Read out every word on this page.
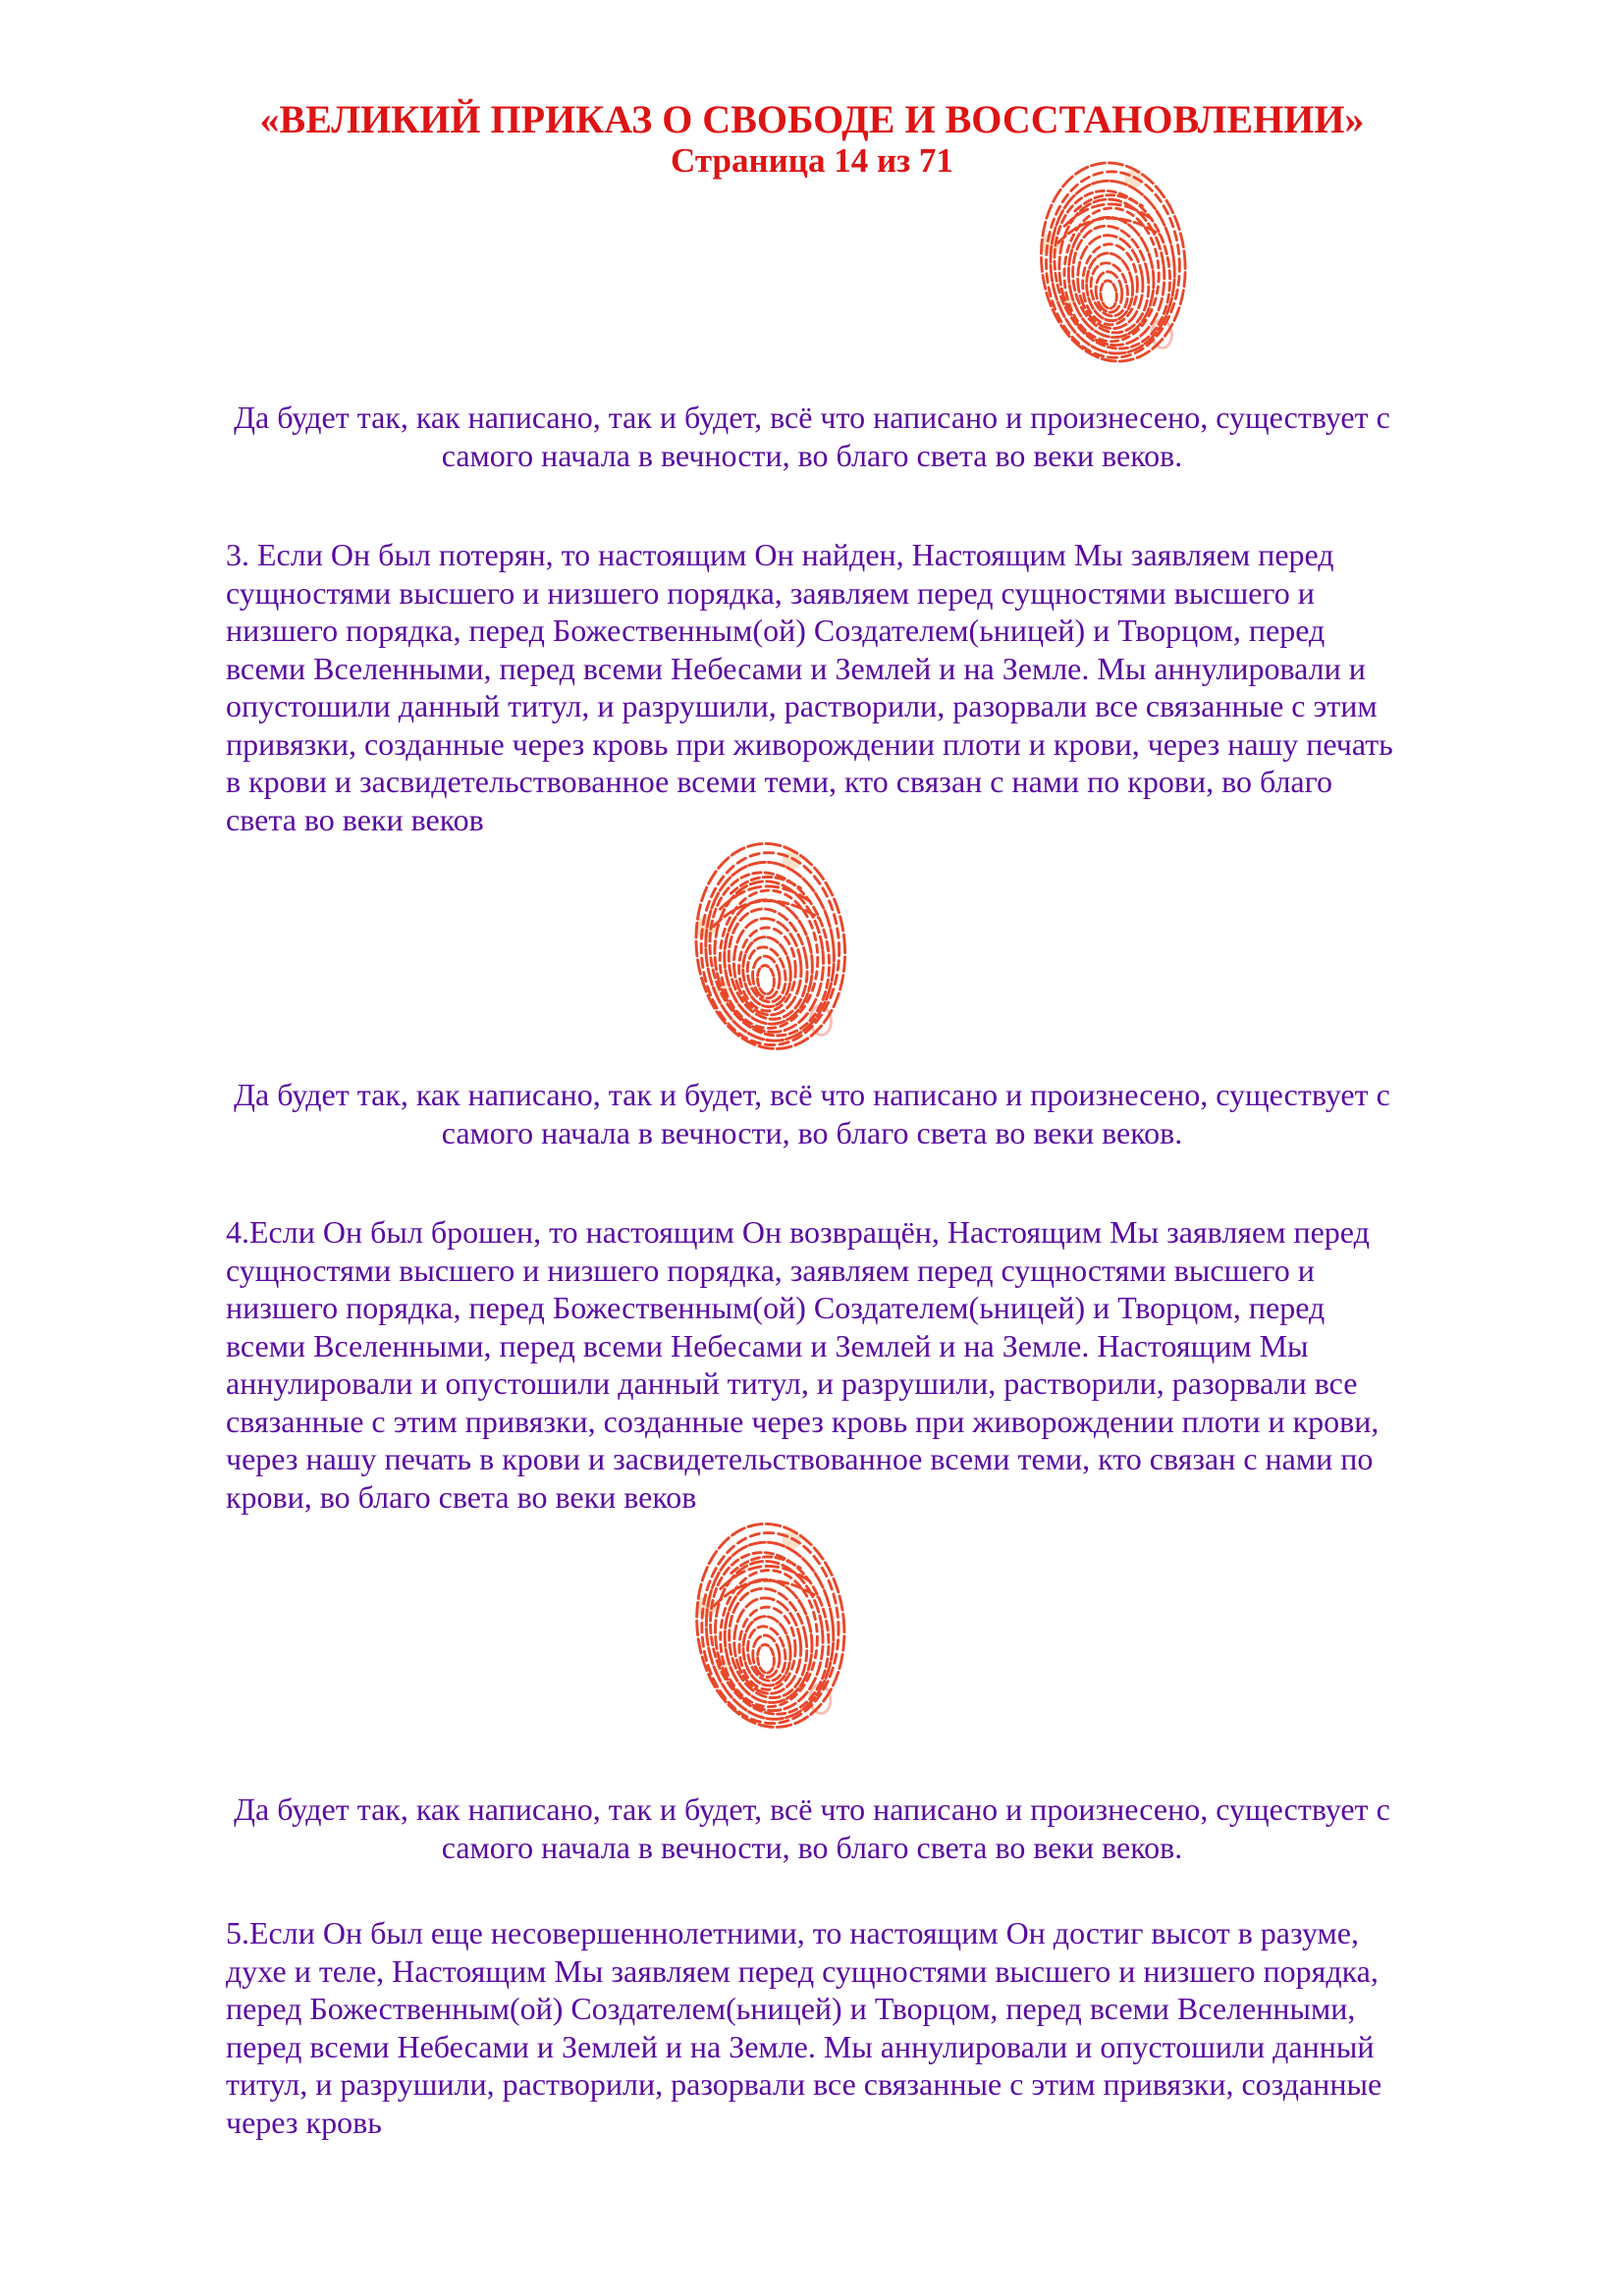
«ВЕЛИКИЙ ПРИКАЗ О СВОБОДЕ И ВОССТАНОВЛЕНИИ»
Страница 14 из 71
Да будет так, как написано, так и будет, всё что написано и произнесено, существует с самого начала в вечности, во благо света во веки веков.
3. Если Он был потерян, то настоящим Он найден, Настоящим Мы заявляем перед сущностями высшего и низшего порядка, заявляем перед сущностями высшего и низшего порядка, перед Божественным(ой) Создателем(ьницей) и Творцом, перед всеми Вселенными, перед всеми Небесами и Землей и на Земле. Мы аннулировали и опустошили данный титул, и разрушили, растворили, разорвали все связанные с этим привязки, созданные через кровь при живорождении плоти и крови, через нашу печать в крови и засвидетельствованное всеми теми, кто связан с нами по крови, во благо света во веки веков
Да будет так, как написано, так и будет, всё что написано и произнесено, существует с самого начала в вечности, во благо света во веки веков.
4.Если Он был брошен, то настоящим Он возвращён, Настоящим Мы заявляем перед сущностями высшего и низшего порядка, заявляем перед сущностями высшего и низшего порядка, перед Божественным(ой) Создателем(ьницей) и Творцом, перед всеми Вселенными, перед всеми Небесами и Землей и на Земле. Настоящим Мы аннулировали и опустошили данный титул, и разрушили, растворили, разорвали все связанные с этим привязки, созданные через кровь при живорождении плоти и крови, через нашу печать в крови и засвидетельствованное всеми теми, кто связан с нами по крови, во благо света во веки веков
Да будет так, как написано, так и будет, всё что написано и произнесено, существует с самого начала в вечности, во благо света во веки веков.
5.Если Он был еще несовершеннолетними, то настоящим Он достиг высот в разуме, духе и теле, Настоящим Мы заявляем перед сущностями высшего и низшего порядка, перед Божественным(ой) Создателем(ьницей) и Творцом, перед всеми Вселенными, перед всеми Небесами и Землей и на Земле. Мы аннулировали и опустошили данный титул, и разрушили, растворили, разорвали все связанные с этим привязки, созданные через кровь
